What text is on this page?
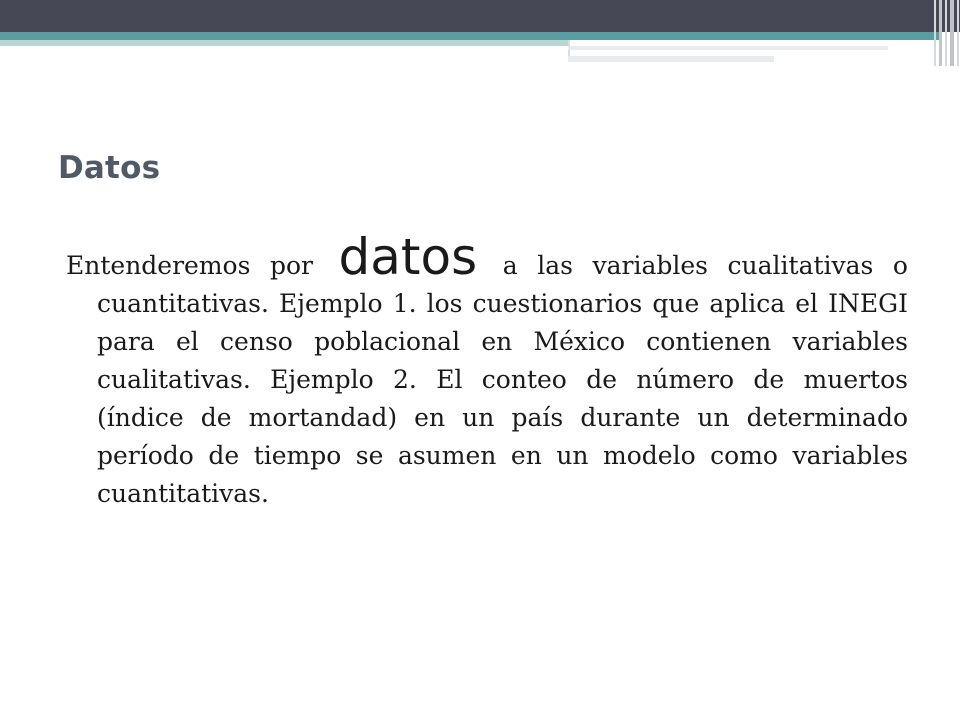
Datos

Entenderemos por datos a las variables cualitativas o cuantitativas. Ejemplo 1. los cuestionarios que aplica el INEGI para el censo poblacional en México contienen variables cualitativas. Ejemplo 2. El conteo de número de muertos (índice de mortandad) en un país durante un determinado período de tiempo se asumen en un modelo como variables cuantitativas.
